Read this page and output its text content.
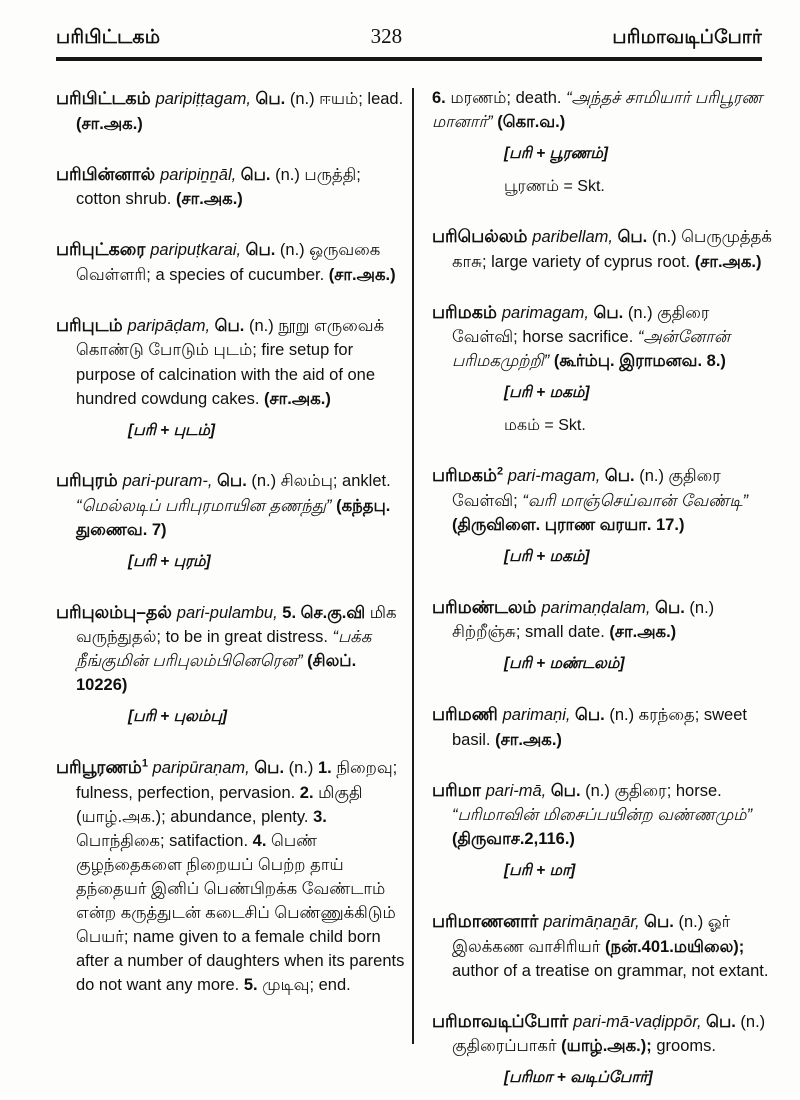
பரிபிட்டகம்	328	பரிமாவடிப்போர்

பரிபிட்டகம் paripiṭṭagam, பெ. (n.) ஈயம்; lead. (சா.அக.)

பரிபின்னால் paripiṉṉāl, பெ. (n.) பருத்தி; cotton shrub. (சா.அக.)

பரிபுட்கரை paripuṭkarai, பெ. (n.) ஒருவகை வெள்ளரி; a species of cucumber. (சா.அக.)

பரிபுடம் paripāḍam, பெ. (n.) நூறு எருவைக் கொண்டு போடும் புடம்; fire setup for purpose of calcination with the aid of one hundred cowdung cakes. (சா.அக.)

[பரி + புடம்]

பரிபுரம் pari-puram-, பெ. (n.) சிலம்பு; anklet. “மெல்லடிப் பரிபுரமாயின தணந்து” (கந்தபு. துணைவ. 7)

[பரி + புரம்]

பரிபுலம்பு–தல் pari-pulambu, 5. செ.கு.வி மிக வருந்துதல்; to be in great distress. “பக்க நீங்குமின் பரிபுலம்பினெரென” (சிலப். 10226)

[பரி + புலம்பு]

பரிபூரணம்$^1$ paripūraṇam, பெ. (n.) 1. நிறைவு; fulness, perfection, pervasion. 2. மிகுதி (யாழ்.அக.); abundance, plenty. 3. பொந்திகை; satifaction. 4. பெண் குழந்தைகளை நிறையப் பெற்ற தாய் தந்தையர் இனிப் பெண்பிறக்க வேண்டாம் என்ற கருத்துடன் கடைசிப் பெண்ணுக்கிடும் பெயர்; name given to a female child born after a number of daughters when its parents do not want any more. 5. முடிவு; end.

6. மரணம்; death. “அந்தச் சாமியார் பரிபூரண மானார்” (கொ.வ.)

[பரி + பூரணம்]

பூரணம் = Skt.

பரிபெல்லம் paribellam, பெ. (n.) பெருமுத்தக் காசு; large variety of cyprus root. (சா.அக.)

பரிமகம் parimagam, பெ. (n.) குதிரை வேள்வி; horse sacrifice. “அன்னோன் பரிமகமுற்றி” (கூர்ம்பு. இராமனவ. 8.)

[பரி + மகம்]

மகம் = Skt.

பரிமகம்$^2$ pari-magam, பெ. (n.) குதிரை வேள்வி; “வரி மாஞ்செய்வான் வேண்டி” (திருவிளை. புராண வரயா. 17.)

[பரி + மகம்]

பரிமண்டலம் parimaṇḍalam, பெ. (n.) சிற்றீஞ்சு; small date. (சா.அக.)

[பரி + மண்டலம்]

பரிமணி parimaṇi, பெ. (n.) கரந்தை; sweet basil. (சா.அக.)

பரிமா pari-mā, பெ. (n.) குதிரை; horse. “பரிமாவின் மிசைப்பயின்ற வண்ணமும்” (திருவாச.2,116.)

[பரி + மா]

பரிமாணனார் parimāṇaṉār, பெ. (n.) ஓர் இலக்கண வாசிரியர் (நன்.401.மயிலை); author of a treatise on grammar, not extant.

பரிமாவடிப்போர் pari-mā-vaḍippōr, பெ. (n.) குதிரைப்பாகர் (யாழ்.அக.); grooms.

[பரிமா + வடிப்போர்]
